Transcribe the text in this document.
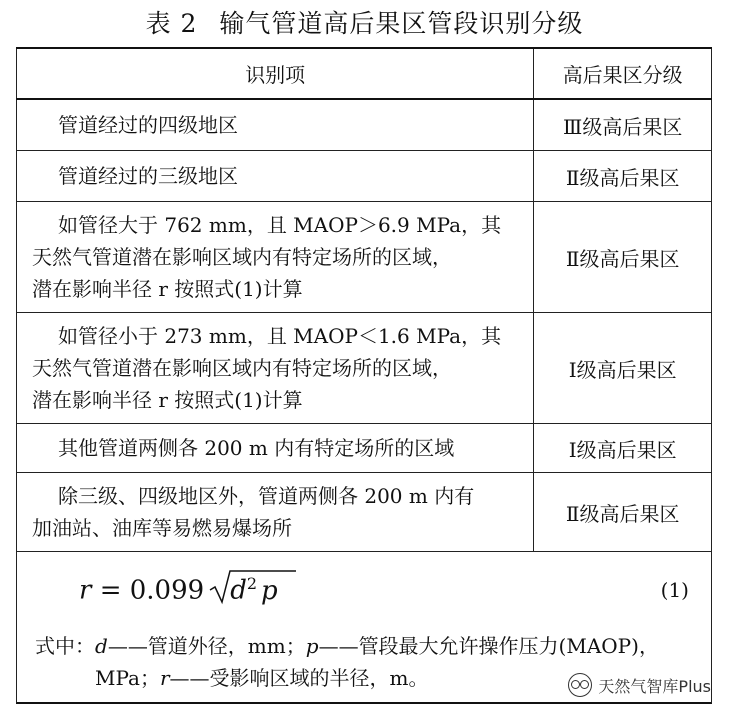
表 2 输气管道高后果区管段识别分级
识别项	高后果区分级

管道经过的四级地区	Ⅲ级高后果区

管道经过的三级地区	Ⅱ级高后果区

如管径大于 762 mm，且 MAOP＞6.9 MPa，其
天然气管道潜在影响区域内有特定场所的区域，
潜在影响半径 r 按照式(1)计算	Ⅱ级高后果区

如管径小于 273 mm，且 MAOP＜1.6 MPa，其
天然气管道潜在影响区域内有特定场所的区域，
潜在影响半径 r 按照式(1)计算	Ⅰ级高后果区

其他管道两侧各 200 m 内有特定场所的区域	Ⅰ级高后果区

除三级、四级地区外，管道两侧各 200 m 内有
加油站、油库等易燃易爆场所	Ⅱ级高后果区
r = 0.099 $d^2$ p	(1)
式中：d——管道外径，mm；p——管段最大允许操作压力(MAOP)，
MPa；r——受影响区域的半径，m。	天然气智库Plus
